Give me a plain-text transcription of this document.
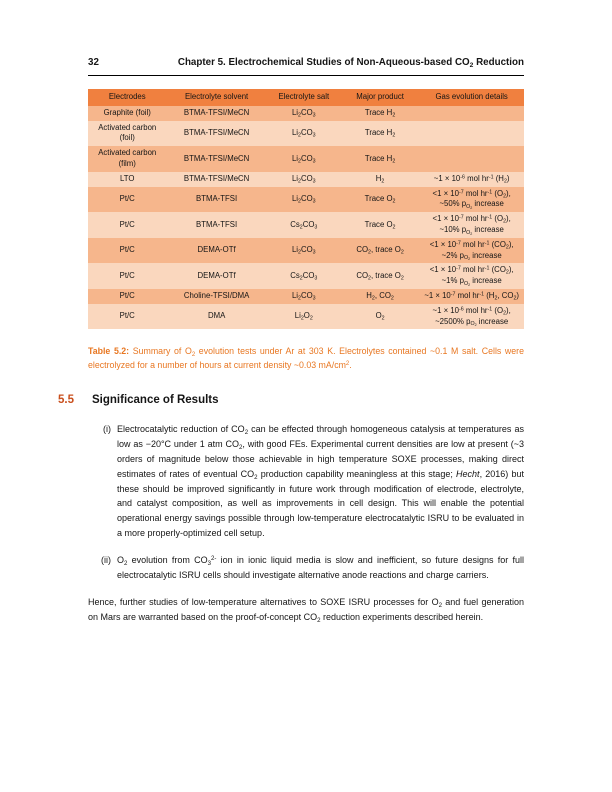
32	Chapter 5. Electrochemical Studies of Non-Aqueous-based $CO_2$ Reduction
Electrodes	Electrolyte solvent	Electrolyte salt	Major product	Gas evolution details
Graphite (foil)	BTMA-TFSI/MeCN	$Li_2CO_3$	Trace $H_2$	
Activated carbon (foil)	BTMA-TFSI/MeCN	$Li_2CO_3$	Trace $H_2$	
Activated carbon (film)	BTMA-TFSI/MeCN	$Li_2CO_3$	Trace $H_2$	
LTO	BTMA-TFSI/MeCN	$Li_2CO_3$	$H_2$	~1 × $10^{-6}$ mol $hr^{-1}$ $(H_2)$
Pt/C	BTMA-TFSI	$Li_2CO_3$	Trace $O_2$	$<1 \times 10^{-7}$ mol $hr^{-1}$ $(O_2)$, ~50% $p_{O_2}$ increase
Pt/C	BTMA-TFSI	$Cs_2CO_3$	Trace $O_2$	$<1 \times 10^{-7}$ mol $hr^{-1}$ $(O_2)$, ~10% $p_{O_2}$ increase
Pt/C	DEMA-OTf	$Li_2CO_3$	$CO_2$, trace $O_2$	$<1 \times 10^{-7}$ mol $hr^{-1}$ $(CO_2)$, ~2% $p_{O_2}$ increase
Pt/C	DEMA-OTf	$Cs_2CO_3$	$CO_2$, trace $O_2$	$<1 \times 10^{-7}$ mol $hr^{-1}$ $(CO_2)$, ~1% $p_{O_2}$ increase
Pt/C	Choline-TFSI/DMA	$Li_2CO_3$	$H_2$, $CO_2$	~1 × $10^{-7}$ mol $hr^{-1}$ ($H_2$, $CO_2$)
Pt/C	DMA	$Li_2O_2$	$O_2$	~1 × $10^{-6}$ mol $hr^{-1}$ $(O_2)$, ~2500% $p_{O_2}$ increase
Table 5.2: Summary of $O_2$ evolution tests under Ar at 303 K. Electrolytes contained ~0.1 M salt. Cells were electrolyzed for a number of hours at current density ~0.03 $mA/cm^2$.
5.5	Significance of Results
(i) Electrocatalytic reduction of $CO_2$ can be effected through homogeneous catalysis at temperatures as low as −20°C under 1 atm $CO_2$, with good FEs. Experimental current densities are low at present (~3 orders of magnitude below those achievable in high temperature SOXE processes, making direct estimates of rates of eventual $CO_2$ production capability meaningless at this stage; Hecht, 2016) but these should be improved significantly in future work through modification of electrode, electrolyte, and catalyst composition, as well as improvements in cell design. This will enable the potential operational energy savings possible through low-temperature electrocatalytic ISRU to be evaluated in a more properly-optimized cell setup.
(ii) $O_2$ evolution from $CO_3^{2-}$ ion in ionic liquid media is slow and inefficient, so future designs for full electrocatalytic ISRU cells should investigate alternative anode reactions and charge carriers.
Hence, further studies of low-temperature alternatives to SOXE ISRU processes for $O_2$ and fuel generation on Mars are warranted based on the proof-of-concept $CO_2$ reduction experiments described herein.
